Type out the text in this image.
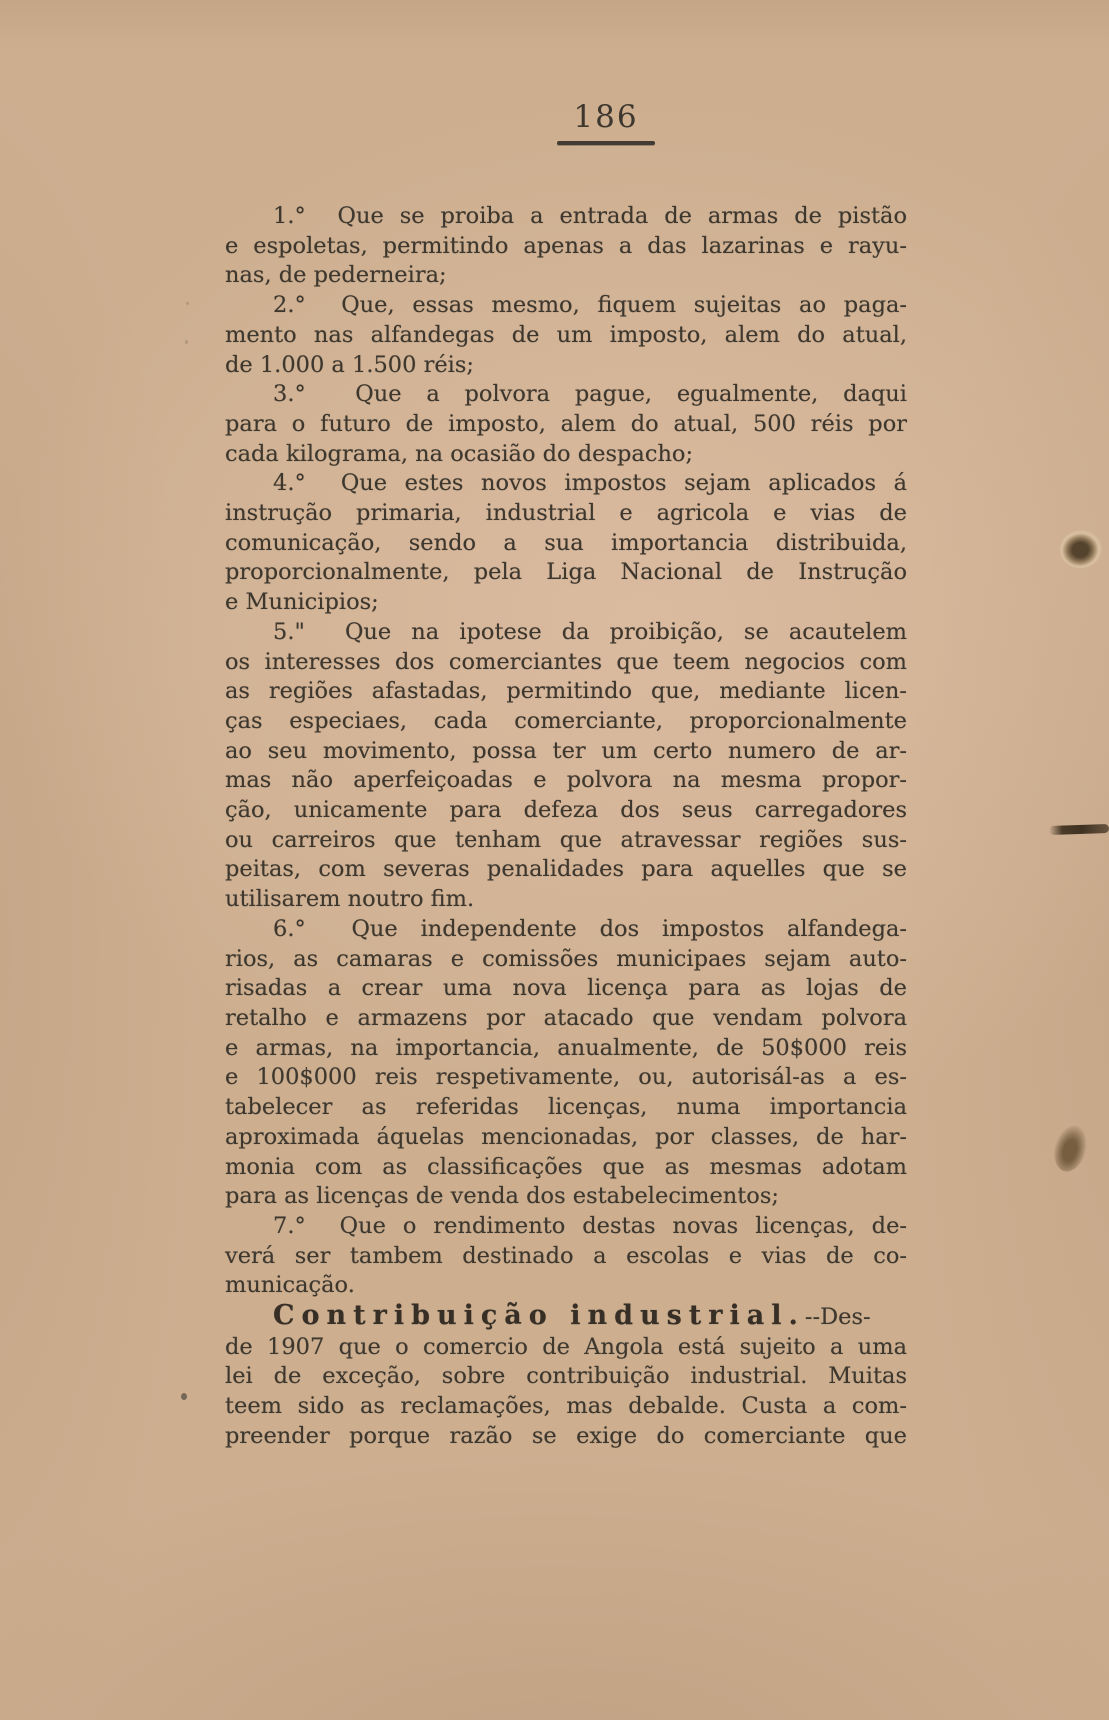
186
1.°  Que se proiba a entrada de armas de pistão
e espoletas, permitindo apenas a das lazarinas e rayu-
nas, de pederneira;
2.°  Que, essas mesmo, fiquem sujeitas ao paga-
mento nas alfandegas de um imposto, alem do atual,
de 1.000 a 1.500 réis;
3.°  Que a polvora pague, egualmente, daqui
para o futuro de imposto, alem do atual, 500 réis por
cada kilograma, na ocasião do despacho;
4.°  Que estes novos impostos sejam aplicados á
instrução primaria, industrial e agricola e vias de
comunicação, sendo a sua importancia distribuida,
proporcionalmente, pela Liga Nacional de Instrução
e Municipios;
5."  Que na ipotese da proibição, se acautelem
os interesses dos comerciantes que teem negocios com
as regiões afastadas, permitindo que, mediante licen-
ças especiaes, cada comerciante, proporcionalmente
ao seu movimento, possa ter um certo numero de ar-
mas não aperfeiçoadas e polvora na mesma propor-
ção, unicamente para defeza dos seus carregadores
ou carreiros que tenham que atravessar regiões sus-
peitas, com severas penalidades para aquelles que se
utilisarem noutro fim.
6.°  Que independente dos impostos alfandega-
rios, as camaras e comissões municipaes sejam auto-
risadas a crear uma nova licença para as lojas de
retalho e armazens por atacado que vendam polvora
e armas, na importancia, anualmente, de 50$000 reis
e 100$000 reis respetivamente, ou, autorisál-as a es-
tabelecer as referidas licenças, numa importancia
aproximada áquelas mencionadas, por classes, de har-
monia com as classificações que as mesmas adotam
para as licenças de venda dos estabelecimentos;
7.°  Que o rendimento destas novas licenças, de-
verá ser tambem destinado a escolas e vias de co-
municação.
Contribuição industrial.--Des-
de 1907 que o comercio de Angola está sujeito a uma
lei de exceção, sobre contribuição industrial. Muitas
teem sido as reclamações, mas debalde. Custa a com-
preender porque razão se exige do comerciante que
